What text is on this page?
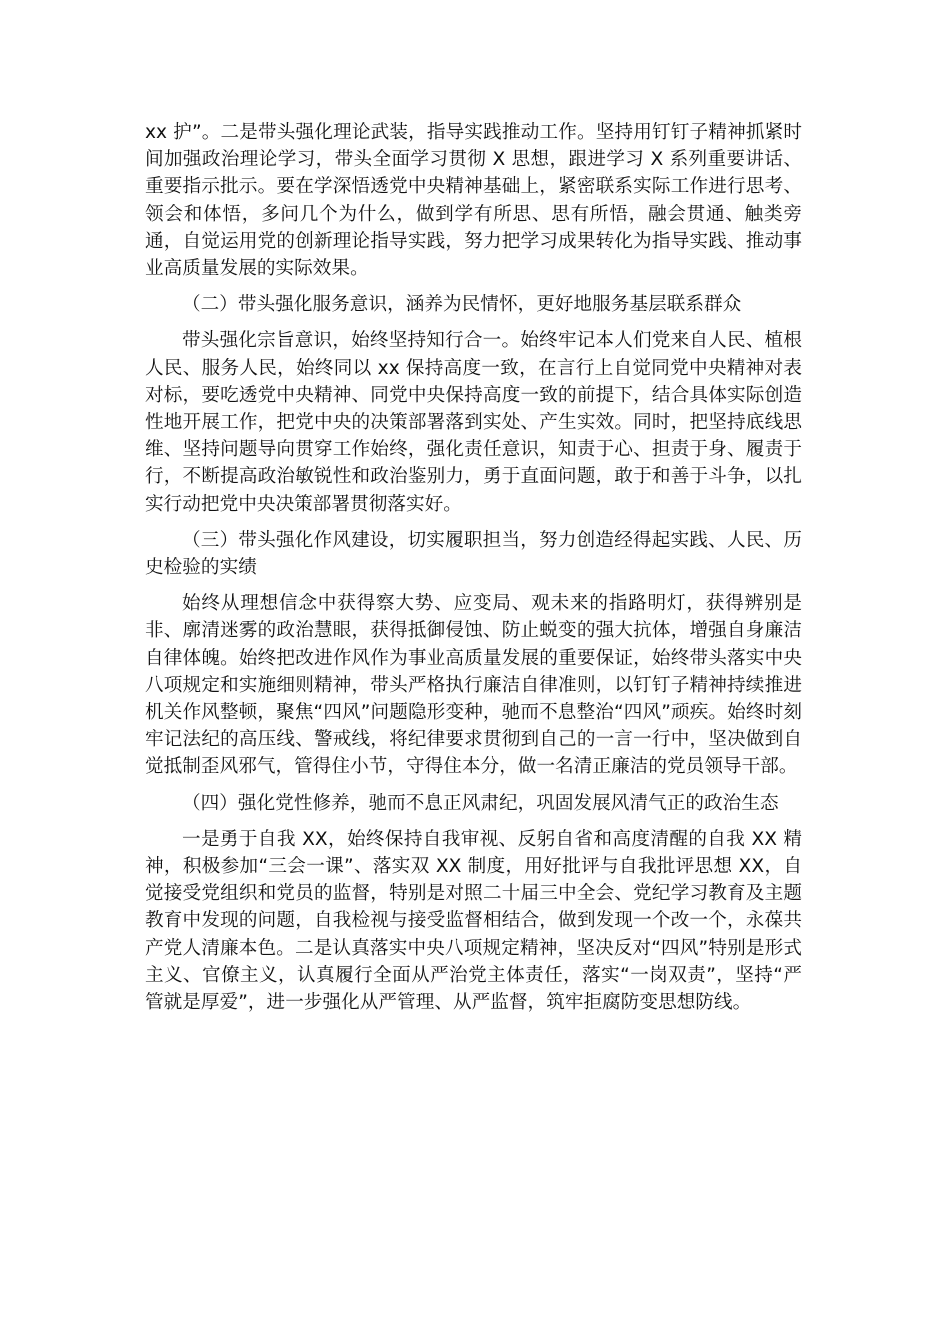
xx 护”。二是带头强化理论武装，指导实践推动工作。坚持用钉钉子精神抓紧时间加强政治理论学习，带头全面学习贯彻 X 思想，跟进学习 X 系列重要讲话、重要指示批示。要在学深悟透党中央精神基础上，紧密联系实际工作进行思考、领会和体悟，多问几个为什么，做到学有所思、思有所悟，融会贯通、触类旁通，自觉运用党的创新理论指导实践，努力把学习成果转化为指导实践、推动事业高质量发展的实际效果。

（二）带头强化服务意识，涵养为民情怀，更好地服务基层联系群众

带头强化宗旨意识，始终坚持知行合一。始终牢记本人们党来自人民、植根人民、服务人民，始终同以 xx 保持高度一致，在言行上自觉同党中央精神对表对标，要吃透党中央精神、同党中央保持高度一致的前提下，结合具体实际创造性地开展工作，把党中央的决策部署落到实处、产生实效。同时，把坚持底线思维、坚持问题导向贯穿工作始终，强化责任意识，知责于心、担责于身、履责于行，不断提高政治敏锐性和政治鉴别力，勇于直面问题，敢于和善于斗争，以扎实行动把党中央决策部署贯彻落实好。

（三）带头强化作风建设，切实履职担当，努力创造经得起实践、人民、历史检验的实绩

始终从理想信念中获得察大势、应变局、观未来的指路明灯，获得辨别是非、廓清迷雾的政治慧眼，获得抵御侵蚀、防止蜕变的强大抗体，增强自身廉洁自律体魄。始终把改进作风作为事业高质量发展的重要保证，始终带头落实中央八项规定和实施细则精神，带头严格执行廉洁自律准则，以钉钉子精神持续推进机关作风整顿，聚焦“四风”问题隐形变种，驰而不息整治“四风”顽疾。始终时刻牢记法纪的高压线、警戒线，将纪律要求贯彻到自己的一言一行中，坚决做到自觉抵制歪风邪气，管得住小节，守得住本分，做一名清正廉洁的党员领导干部。

（四）强化党性修养，驰而不息正风肃纪，巩固发展风清气正的政治生态

一是勇于自我 XX，始终保持自我审视、反躬自省和高度清醒的自我 XX 精神，积极参加“三会一课”、落实双 XX 制度，用好批评与自我批评思想 XX，自觉接受党组织和党员的监督，特别是对照二十届三中全会、党纪学习教育及主题教育中发现的问题，自我检视与接受监督相结合，做到发现一个改一个，永葆共产党人清廉本色。二是认真落实中央八项规定精神，坚决反对“四风”特别是形式主义、官僚主义，认真履行全面从严治党主体责任，落实“一岗双责”，坚持“严管就是厚爱”，进一步强化从严管理、从严监督，筑牢拒腐防变思想防线。
